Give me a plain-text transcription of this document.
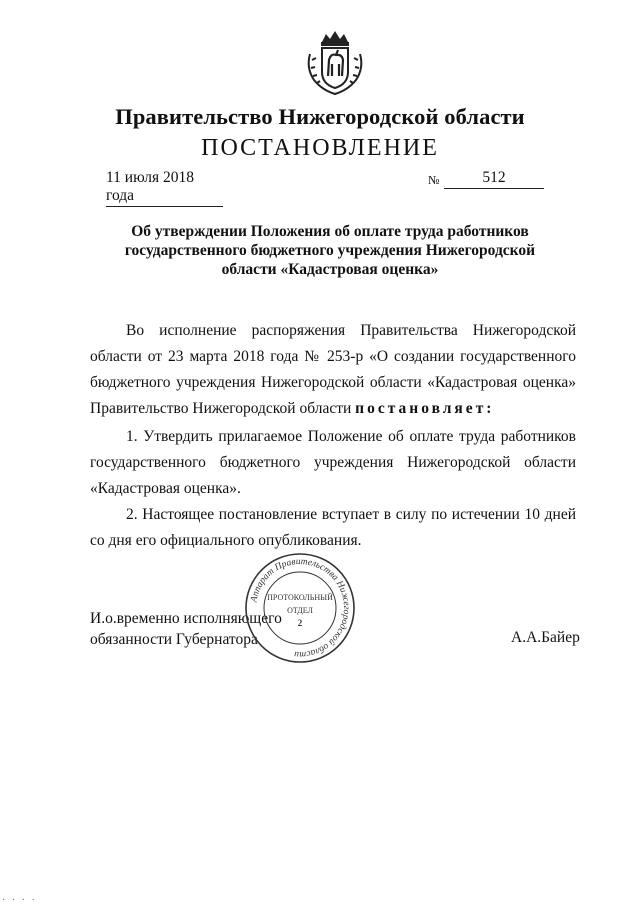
Правительство Нижегородской области
ПОСТАНОВЛЕНИЕ
11 июля 2018 года
№	512
Об утверждении Положения об оплате труда работников
государственного бюджетного учреждения Нижегородской
области «Кадастровая оценка»
Во исполнение распоряжения Правительства Нижегородской области от 23 марта 2018 года № 253-р «О создании государственного бюджетного учреждения Нижегородской области «Кадастровая оценка» Правительство Нижегородской области постановляет:
1. Утвердить прилагаемое Положение об оплате труда работников государственного бюджетного учреждения Нижегородской области «Кадастровая оценка».
2. Настоящее постановление вступает в силу по истечении 10 дней со дня его официального опубликования.
И.о.временно исполняющего
обязанности Губернатора	А.А.Байер
Аппарат Правительства Нижегородской области
ПРОТОКОЛЬНЫЙ
ОТДЕЛ
2
· · · ·
